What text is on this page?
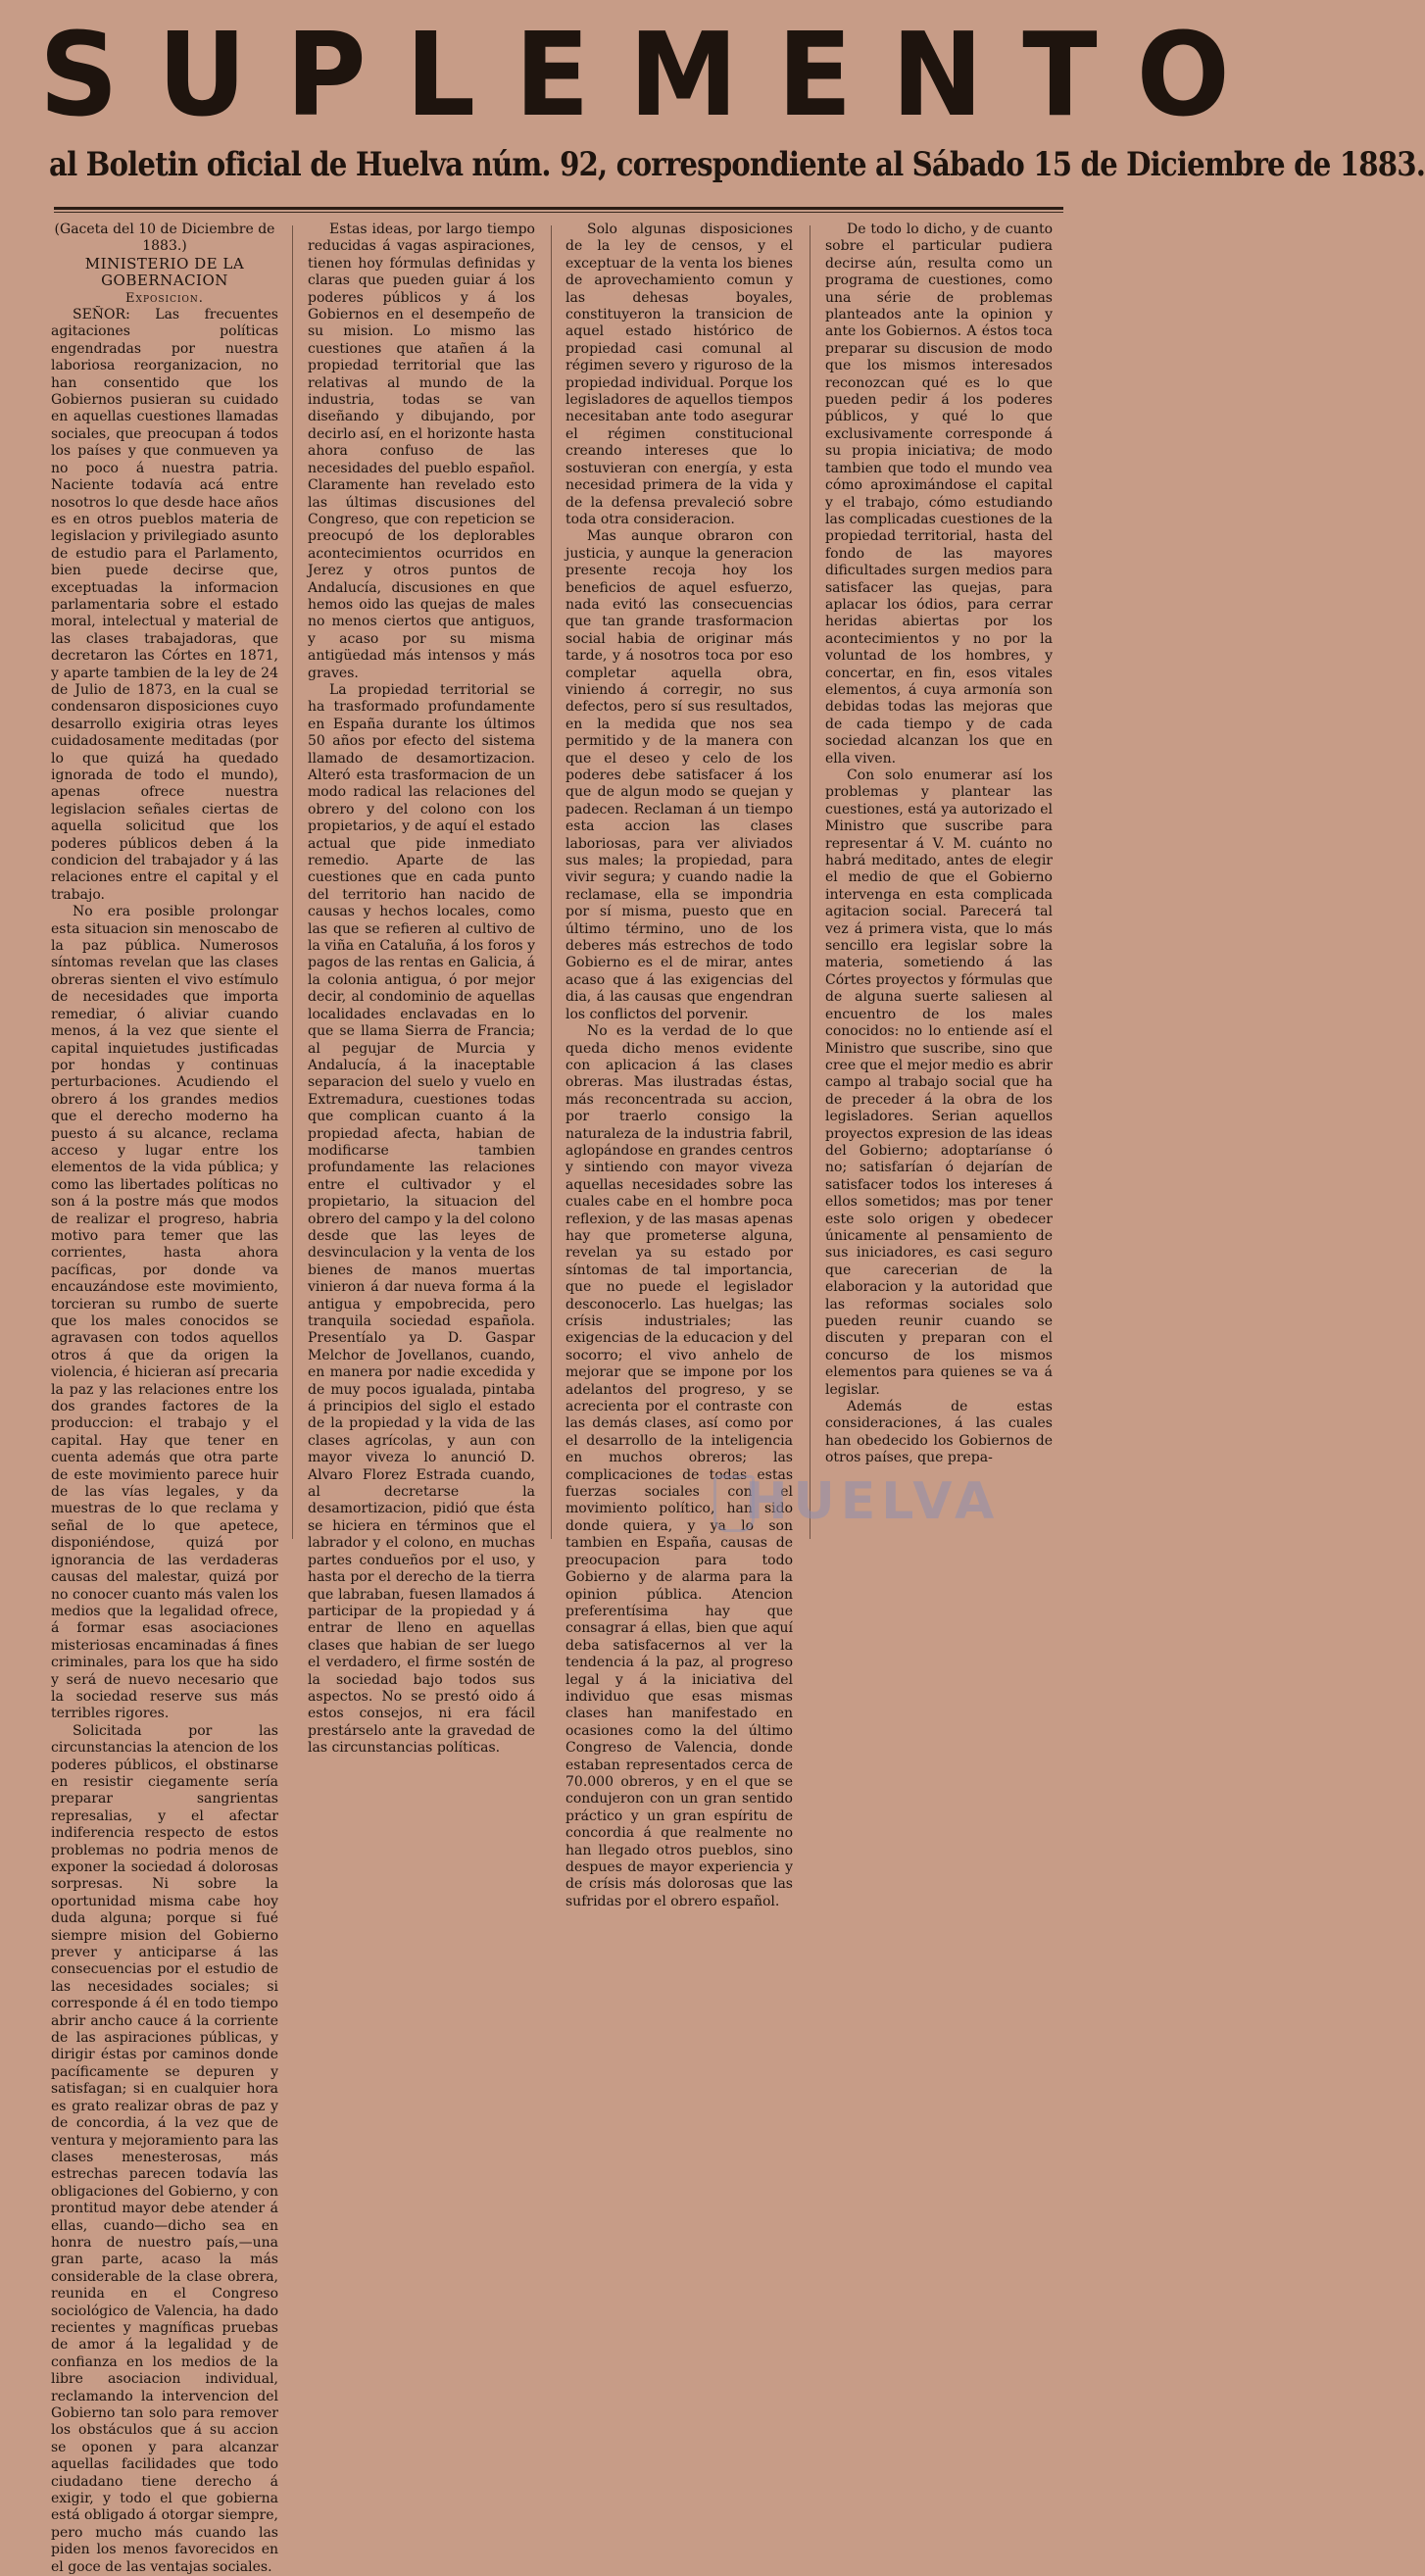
SUPLEMENTO
al Boletin oficial de Huelva núm. 92, correspondiente al Sábado 15 de Diciembre de 1883.

(Gaceta del 10 de Diciembre de 1883.)

MINISTERIO DE LA GOBERNACION

Exposicion.

SEÑOR: Las frecuentes agitaciones políticas engendradas por nuestra laboriosa reorganizacion, no han consentido que los Gobiernos pusieran su cuidado en aquellas cuestiones llamadas sociales, que preocupan á todos los países y que conmueven ya no poco á nuestra patria. Naciente todavía acá entre nosotros lo que desde hace años es en otros pueblos materia de legislacion y privilegiado asunto de estudio para el Parlamento, bien puede decirse que, exceptuadas la informacion parlamentaria sobre el estado moral, intelectual y material de las clases trabajadoras, que decretaron las Córtes en 1871, y aparte tambien de la ley de 24 de Julio de 1873, en la cual se condensaron disposiciones cuyo desarrollo exigiria otras leyes cuidadosamente meditadas (por lo que quizá ha quedado ignorada de todo el mundo), apenas ofrece nuestra legislacion señales ciertas de aquella solicitud que los poderes públicos deben á la condicion del trabajador y á las relaciones entre el capital y el trabajo.

No era posible prolongar esta situacion sin menoscabo de la paz pública. Numerosos síntomas revelan que las clases obreras sienten el vivo estímulo de necesidades que importa remediar, ó aliviar cuando menos, á la vez que siente el capital inquietudes justificadas por hondas y continuas perturbaciones. Acudiendo el obrero á los grandes medios que el derecho moderno ha puesto á su alcance, reclama acceso y lugar entre los elementos de la vida pública; y como las libertades políticas no son á la postre más que modos de realizar el progreso, habria motivo para temer que las corrientes, hasta ahora pacíficas, por donde va encauzándose este movimiento, torcieran su rumbo de suerte que los males conocidos se agravasen con todos aquellos otros á que da origen la violencia, é hicieran así precaria la paz y las relaciones entre los dos grandes factores de la produccion: el trabajo y el capital. Hay que tener en cuenta además que otra parte de este movimiento parece huir de las vías legales, y da muestras de lo que reclama y señal de lo que apetece, disponiéndose, quizá por ignorancia de las verdaderas causas del malestar, quizá por no conocer cuanto más valen los medios que la legalidad ofrece, á formar esas asociaciones misteriosas encaminadas á fines criminales, para los que ha sido y será de nuevo necesario que la sociedad reserve sus más terribles rigores.

Solicitada por las circunstancias la atencion de los poderes públicos, el obstinarse en resistir ciegamente sería preparar sangrientas represalias, y el afectar indiferencia respecto de estos problemas no podria menos de exponer la sociedad á dolorosas sorpresas. Ni sobre la oportunidad misma cabe hoy duda alguna; porque si fué siempre mision del Gobierno prever y anticiparse á las consecuencias por el estudio de las necesidades sociales; si corresponde á él en todo tiempo abrir ancho cauce á la corriente de las aspiraciones públicas, y dirigir éstas por caminos donde pacíficamente se depuren y satisfagan; si en cualquier hora es grato realizar obras de paz y de concordia, á la vez que de ventura y mejoramiento para las clases menesterosas, más estrechas parecen todavía las obligaciones del Gobierno, y con prontitud mayor debe atender á ellas, cuando—dicho sea en honra de nuestro país,—una gran parte, acaso la más considerable de la clase obrera, reunida en el Congreso sociológico de Valencia, ha dado recientes y magníficas pruebas de amor á la legalidad y de confianza en los medios de la libre asociacion individual, reclamando la intervencion del Gobierno tan solo para remover los obstáculos que á su accion se oponen y para alcanzar aquellas facilidades que todo ciudadano tiene derecho á exigir, y todo el que gobierna está obligado á otorgar siempre, pero mucho más cuando las piden los menos favorecidos en el goce de las ventajas sociales.

Estas ideas, por largo tiempo reducidas á vagas aspiraciones, tienen hoy fórmulas definidas y claras que pueden guiar á los poderes públicos y á los Gobiernos en el desempeño de su mision. Lo mismo las cuestiones que atañen á la propiedad territorial que las relativas al mundo de la industria, todas se van diseñando y dibujando, por decirlo así, en el horizonte hasta ahora confuso de las necesidades del pueblo español. Claramente han revelado esto las últimas discusiones del Congreso, que con repeticion se preocupó de los deplorables acontecimientos ocurridos en Jerez y otros puntos de Andalucía, discusiones en que hemos oido las quejas de males no menos ciertos que antiguos, y acaso por su misma antigüedad más intensos y más graves.

La propiedad territorial se ha trasformado profundamente en España durante los últimos 50 años por efecto del sistema llamado de desamortizacion. Alteró esta trasformacion de un modo radical las relaciones del obrero y del colono con los propietarios, y de aquí el estado actual que pide inmediato remedio. Aparte de las cuestiones que en cada punto del territorio han nacido de causas y hechos locales, como las que se refieren al cultivo de la viña en Cataluña, á los foros y pagos de las rentas en Galicia, á la colonia antigua, ó por mejor decir, al condominio de aquellas localidades enclavadas en lo que se llama Sierra de Francia; al pegujar de Murcia y Andalucía, á la inaceptable separacion del suelo y vuelo en Extremadura, cuestiones todas que complican cuanto á la propiedad afecta, habian de modificarse tambien profundamente las relaciones entre el cultivador y el propietario, la situacion del obrero del campo y la del colono desde que las leyes de desvinculacion y la venta de los bienes de manos muertas vinieron á dar nueva forma á la antigua y empobrecida, pero tranquila sociedad española. Presentíalo ya D. Gaspar Melchor de Jovellanos, cuando, en manera por nadie excedida y de muy pocos igualada, pintaba á principios del siglo el estado de la propiedad y la vida de las clases agrícolas, y aun con mayor viveza lo anunció D. Alvaro Florez Estrada cuando, al decretarse la desamortizacion, pidió que ésta se hiciera en términos que el labrador y el colono, en muchas partes condueños por el uso, y hasta por el derecho de la tierra que labraban, fuesen llamados á participar de la propiedad y á entrar de lleno en aquellas clases que habian de ser luego el verdadero, el firme sostén de la sociedad bajo todos sus aspectos. No se prestó oido á estos consejos, ni era fácil prestárselo ante la gravedad de las circunstancias políticas.

Solo algunas disposiciones de la ley de censos, y el exceptuar de la venta los bienes de aprovechamiento comun y las dehesas boyales, constituyeron la transicion de aquel estado histórico de propiedad casi comunal al régimen severo y riguroso de la propiedad individual. Porque los legisladores de aquellos tiempos necesitaban ante todo asegurar el régimen constitucional creando intereses que lo sostuvieran con energía, y esta necesidad primera de la vida y de la defensa prevaleció sobre toda otra consideracion.

Mas aunque obraron con justicia, y aunque la generacion presente recoja hoy los beneficios de aquel esfuerzo, nada evitó las consecuencias que tan grande trasformacion social habia de originar más tarde, y á nosotros toca por eso completar aquella obra, viniendo á corregir, no sus defectos, pero sí sus resultados, en la medida que nos sea permitido y de la manera con que el deseo y celo de los poderes debe satisfacer á los que de algun modo se quejan y padecen. Reclaman á un tiempo esta accion las clases laboriosas, para ver aliviados sus males; la propiedad, para vivir segura; y cuando nadie la reclamase, ella se impondria por sí misma, puesto que en último término, uno de los deberes más estrechos de todo Gobierno es el de mirar, antes acaso que á las exigencias del dia, á las causas que engendran los conflictos del porvenir.

No es la verdad de lo que queda dicho menos evidente con aplicacion á las clases obreras. Mas ilustradas éstas, más reconcentrada su accion, por traerlo consigo la naturaleza de la industria fabril, aglopándose en grandes centros y sintiendo con mayor viveza aquellas necesidades sobre las cuales cabe en el hombre poca reflexion, y de las masas apenas hay que prometerse alguna, revelan ya su estado por síntomas de tal importancia, que no puede el legislador desconocerlo. Las huelgas; las crísis industriales; las exigencias de la educacion y del socorro; el vivo anhelo de mejorar que se impone por los adelantos del progreso, y se acrecienta por el contraste con las demás clases, así como por el desarrollo de la inteligencia en muchos obreros; las complicaciones de todas estas fuerzas sociales con el movimiento político, han sido donde quiera, y ya lo son tambien en España, causas de preocupacion para todo Gobierno y de alarma para la opinion pública. Atencion preferentísima hay que consagrar á ellas, bien que aquí deba satisfacernos al ver la tendencia á la paz, al progreso legal y á la iniciativa del individuo que esas mismas clases han manifestado en ocasiones como la del último Congreso de Valencia, donde estaban representados cerca de 70.000 obreros, y en el que se condujeron con un gran sentido práctico y un gran espíritu de concordia á que realmente no han llegado otros pueblos, sino despues de mayor experiencia y de crísis más dolorosas que las sufridas por el obrero español.

De todo lo dicho, y de cuanto sobre el particular pudiera decirse aún, resulta como un programa de cuestiones, como una série de problemas planteados ante la opinion y ante los Gobiernos. A éstos toca preparar su discusion de modo que los mismos interesados reconozcan qué es lo que pueden pedir á los poderes públicos, y qué lo que exclusivamente corresponde á su propia iniciativa; de modo tambien que todo el mundo vea cómo aproximándose el capital y el trabajo, cómo estudiando las complicadas cuestiones de la propiedad territorial, hasta del fondo de las mayores dificultades surgen medios para satisfacer las quejas, para aplacar los ódios, para cerrar heridas abiertas por los acontecimientos y no por la voluntad de los hombres, y concertar, en fin, esos vitales elementos, á cuya armonía son debidas todas las mejoras que de cada tiempo y de cada sociedad alcanzan los que en ella viven.

Con solo enumerar así los problemas y plantear las cuestiones, está ya autorizado el Ministro que suscribe para representar á V. M. cuánto no habrá meditado, antes de elegir el medio de que el Gobierno intervenga en esta complicada agitacion social. Parecerá tal vez á primera vista, que lo más sencillo era legislar sobre la materia, sometiendo á las Córtes proyectos y fórmulas que de alguna suerte saliesen al encuentro de los males conocidos: no lo entiende así el Ministro que suscribe, sino que cree que el mejor medio es abrir campo al trabajo social que ha de preceder á la obra de los legisladores. Serian aquellos proyectos expresion de las ideas del Gobierno; adoptaríanse ó no; satisfarían ó dejarían de satisfacer todos los intereses á ellos sometidos; mas por tener este solo origen y obedecer únicamente al pensamiento de sus iniciadores, es casi seguro que carecerian de la elaboracion y la autoridad que las reformas sociales solo pueden reunir cuando se discuten y preparan con el concurso de los mismos elementos para quienes se va á legislar.

Además de estas consideraciones, á las cuales han obedecido los Gobiernos de otros países, que prepa-

HUELVA
